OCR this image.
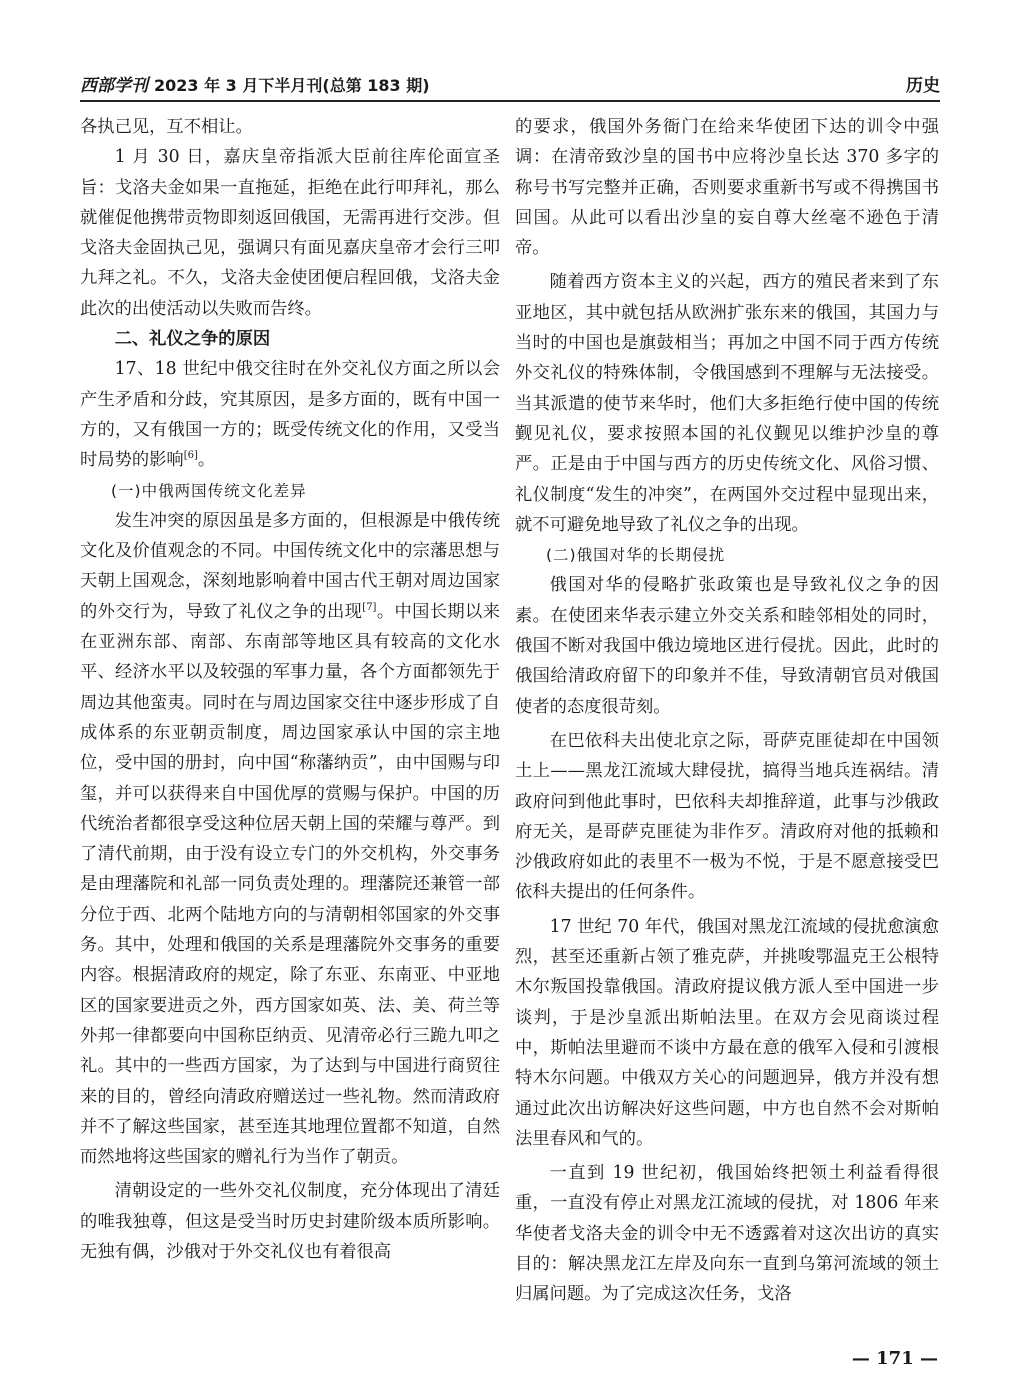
西部学刊 2023 年 3 月下半月刊(总第 183 期)	历史

各执己见，互不相让。

1 月 30 日，嘉庆皇帝指派大臣前往库伦面宣圣旨：戈洛夫金如果一直拖延，拒绝在此行叩拜礼，那么就催促他携带贡物即刻返回俄国，无需再进行交涉。但戈洛夫金固执己见，强调只有面见嘉庆皇帝才会行三叩九拜之礼。不久，戈洛夫金使团便启程回俄，戈洛夫金此次的出使活动以失败而告终。

二、礼仪之争的原因

17、18 世纪中俄交往时在外交礼仪方面之所以会产生矛盾和分歧，究其原因，是多方面的，既有中国一方的，又有俄国一方的；既受传统文化的作用，又受当时局势的影响[6]。

(一)中俄两国传统文化差异

发生冲突的原因虽是多方面的，但根源是中俄传统文化及价值观念的不同。中国传统文化中的宗藩思想与天朝上国观念，深刻地影响着中国古代王朝对周边国家的外交行为，导致了礼仪之争的出现[7]。中国长期以来在亚洲东部、南部、东南部等地区具有较高的文化水平、经济水平以及较强的军事力量，各个方面都领先于周边其他蛮夷。同时在与周边国家交往中逐步形成了自成体系的东亚朝贡制度，周边国家承认中国的宗主地位，受中国的册封，向中国“称藩纳贡”，由中国赐与印玺，并可以获得来自中国优厚的赏赐与保护。中国的历代统治者都很享受这种位居天朝上国的荣耀与尊严。到了清代前期，由于没有设立专门的外交机构，外交事务是由理藩院和礼部一同负责处理的。理藩院还兼管一部分位于西、北两个陆地方向的与清朝相邻国家的外交事务。其中，处理和俄国的关系是理藩院外交事务的重要内容。根据清政府的规定，除了东亚、东南亚、中亚地区的国家要进贡之外，西方国家如英、法、美、荷兰等外邦一律都要向中国称臣纳贡、见清帝必行三跪九叩之礼。其中的一些西方国家，为了达到与中国进行商贸往来的目的，曾经向清政府赠送过一些礼物。然而清政府并不了解这些国家，甚至连其地理位置都不知道，自然而然地将这些国家的赠礼行为当作了朝贡。

清朝设定的一些外交礼仪制度，充分体现出了清廷的唯我独尊，但这是受当时历史封建阶级本质所影响。无独有偶，沙俄对于外交礼仪也有着很高

的要求，俄国外务衙门在给来华使团下达的训令中强调：在清帝致沙皇的国书中应将沙皇长达 370 多字的称号书写完整并正确，否则要求重新书写或不得携国书回国。从此可以看出沙皇的妄自尊大丝毫不逊色于清帝。

随着西方资本主义的兴起，西方的殖民者来到了东亚地区，其中就包括从欧洲扩张东来的俄国，其国力与当时的中国也是旗鼓相当；再加之中国不同于西方传统外交礼仪的特殊体制，令俄国感到不理解与无法接受。当其派遣的使节来华时，他们大多拒绝行使中国的传统觐见礼仪，要求按照本国的礼仪觐见以维护沙皇的尊严。正是由于中国与西方的历史传统文化、风俗习惯、礼仪制度“发生的冲突”，在两国外交过程中显现出来，就不可避免地导致了礼仪之争的出现。

(二)俄国对华的长期侵扰

俄国对华的侵略扩张政策也是导致礼仪之争的因素。在使团来华表示建立外交关系和睦邻相处的同时，俄国不断对我国中俄边境地区进行侵扰。因此，此时的俄国给清政府留下的印象并不佳，导致清朝官员对俄国使者的态度很苛刻。

在巴依科夫出使北京之际，哥萨克匪徒却在中国领土上——黑龙江流域大肆侵扰，搞得当地兵连祸结。清政府问到他此事时，巴依科夫却推辞道，此事与沙俄政府无关，是哥萨克匪徒为非作歹。清政府对他的抵赖和沙俄政府如此的表里不一极为不悦，于是不愿意接受巴依科夫提出的任何条件。

17 世纪 70 年代，俄国对黑龙江流域的侵扰愈演愈烈，甚至还重新占领了雅克萨，并挑唆鄂温克王公根特木尔叛国投靠俄国。清政府提议俄方派人至中国进一步谈判，于是沙皇派出斯帕法里。在双方会见商谈过程中，斯帕法里避而不谈中方最在意的俄军入侵和引渡根特木尔问题。中俄双方关心的问题迥异，俄方并没有想通过此次出访解决好这些问题，中方也自然不会对斯帕法里春风和气的。

一直到 19 世纪初，俄国始终把领土利益看得很重，一直没有停止对黑龙江流域的侵扰，对 1806 年来华使者戈洛夫金的训令中无不透露着对这次出访的真实目的：解决黑龙江左岸及向东一直到乌第河流域的领土归属问题。为了完成这次任务，戈洛

— 171 —
